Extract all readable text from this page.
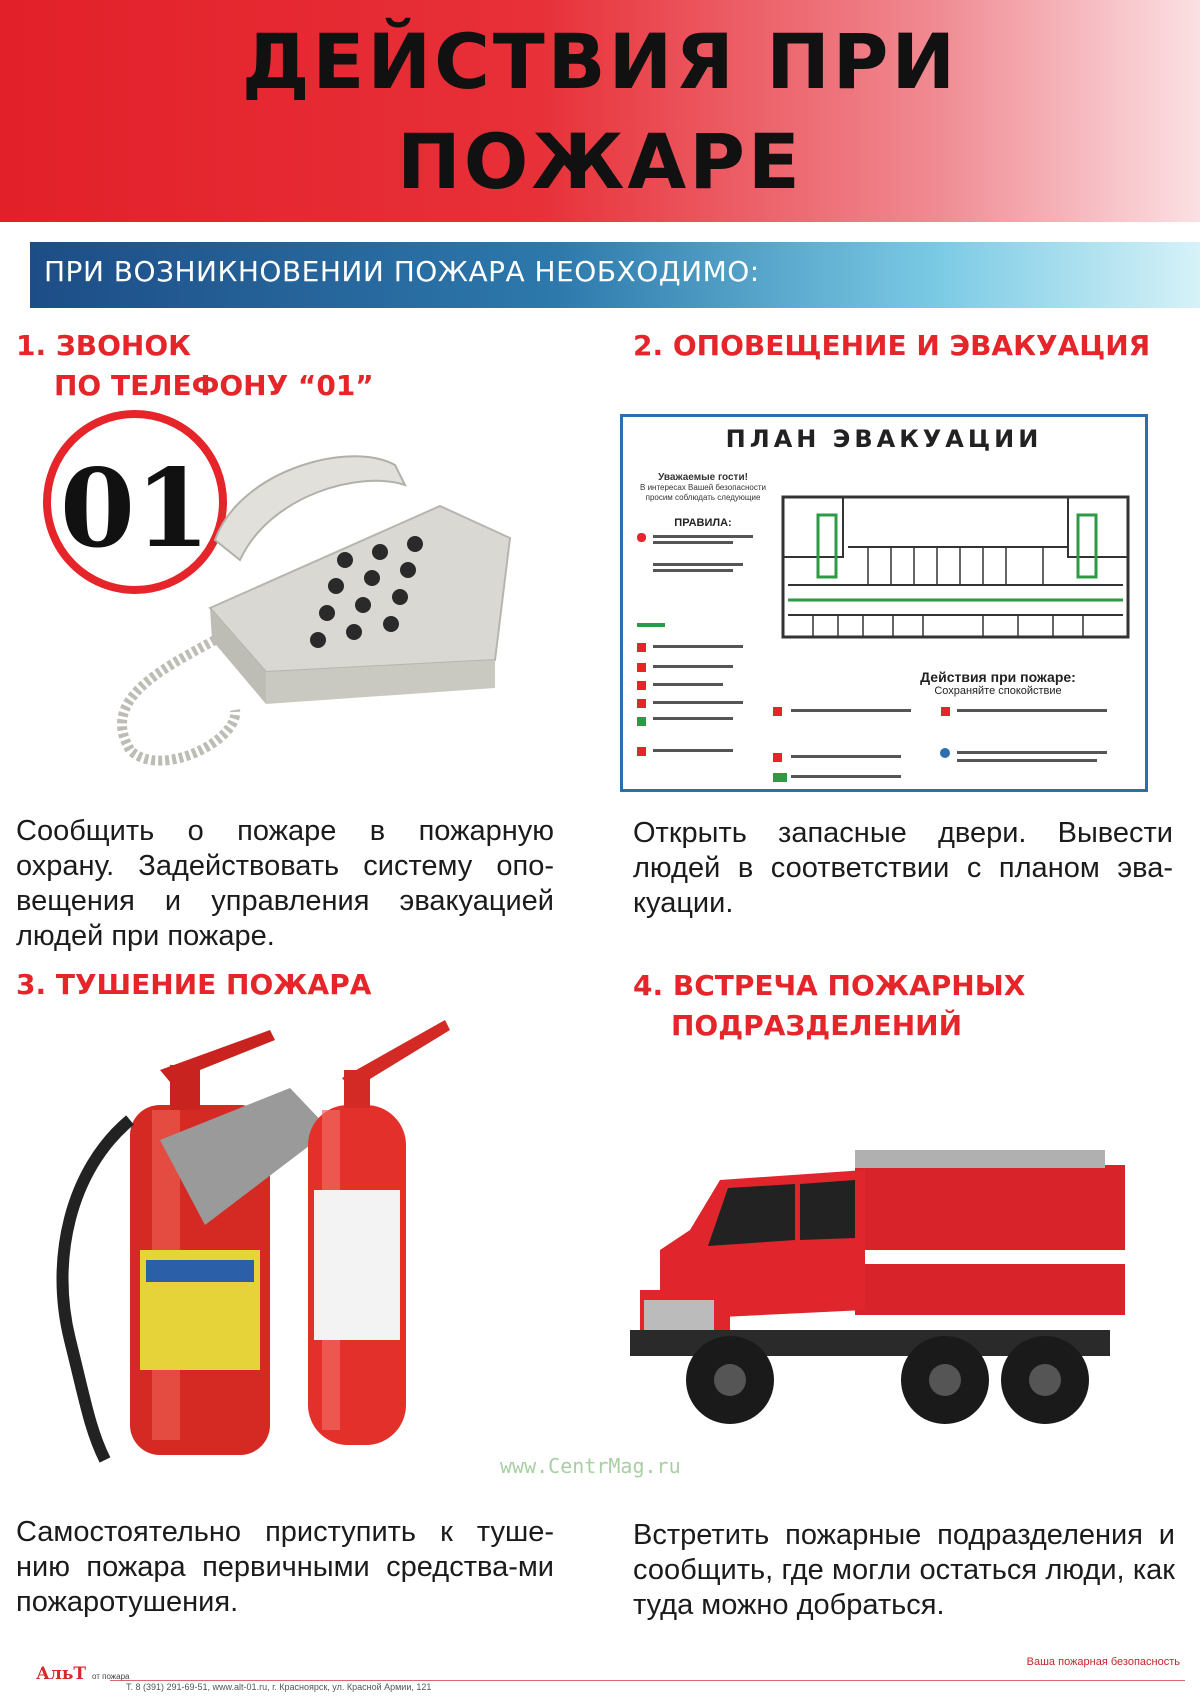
ДЕЙСТВИЯ ПРИ
ПОЖАРЕ
ПРИ ВОЗНИКНОВЕНИИ ПОЖАРА НЕОБХОДИМО:
1. ЗВОНОК
ПО ТЕЛЕФОНУ “01”
01
Сообщить о пожаре в пожарную охрану. Задействовать систему опо-вещения и управления эвакуацией людей при пожаре.
2. ОПОВЕЩЕНИЕ И ЭВАКУАЦИЯ
ПЛАН ЭВАКУАЦИИ
Уважаемые гости!
В интересах Вашей безопасности просим соблюдать следующие
ПРАВИЛА:
Действия при пожаре:
Сохраняйте спокойствие
Открыть запасные двери. Вывести людей в соответствии с планом эва-куации.
3. ТУШЕНИЕ ПОЖАРА
Самостоятельно приступить к туше-нию пожара первичными средства-ми пожаротушения.
4. ВСТРЕЧА ПОЖАРНЫХ
ПОДРАЗДЕЛЕНИЙ
Встретить пожарные подразделения и сообщить, где могли остаться люди, как туда можно добраться.
www.CentrMag.ru
АльТ от пожара
Т. 8 (391) 291-69-51, www.alt-01.ru, г. Красноярск, ул. Красной Армии, 121
Ваша пожарная безопасность
